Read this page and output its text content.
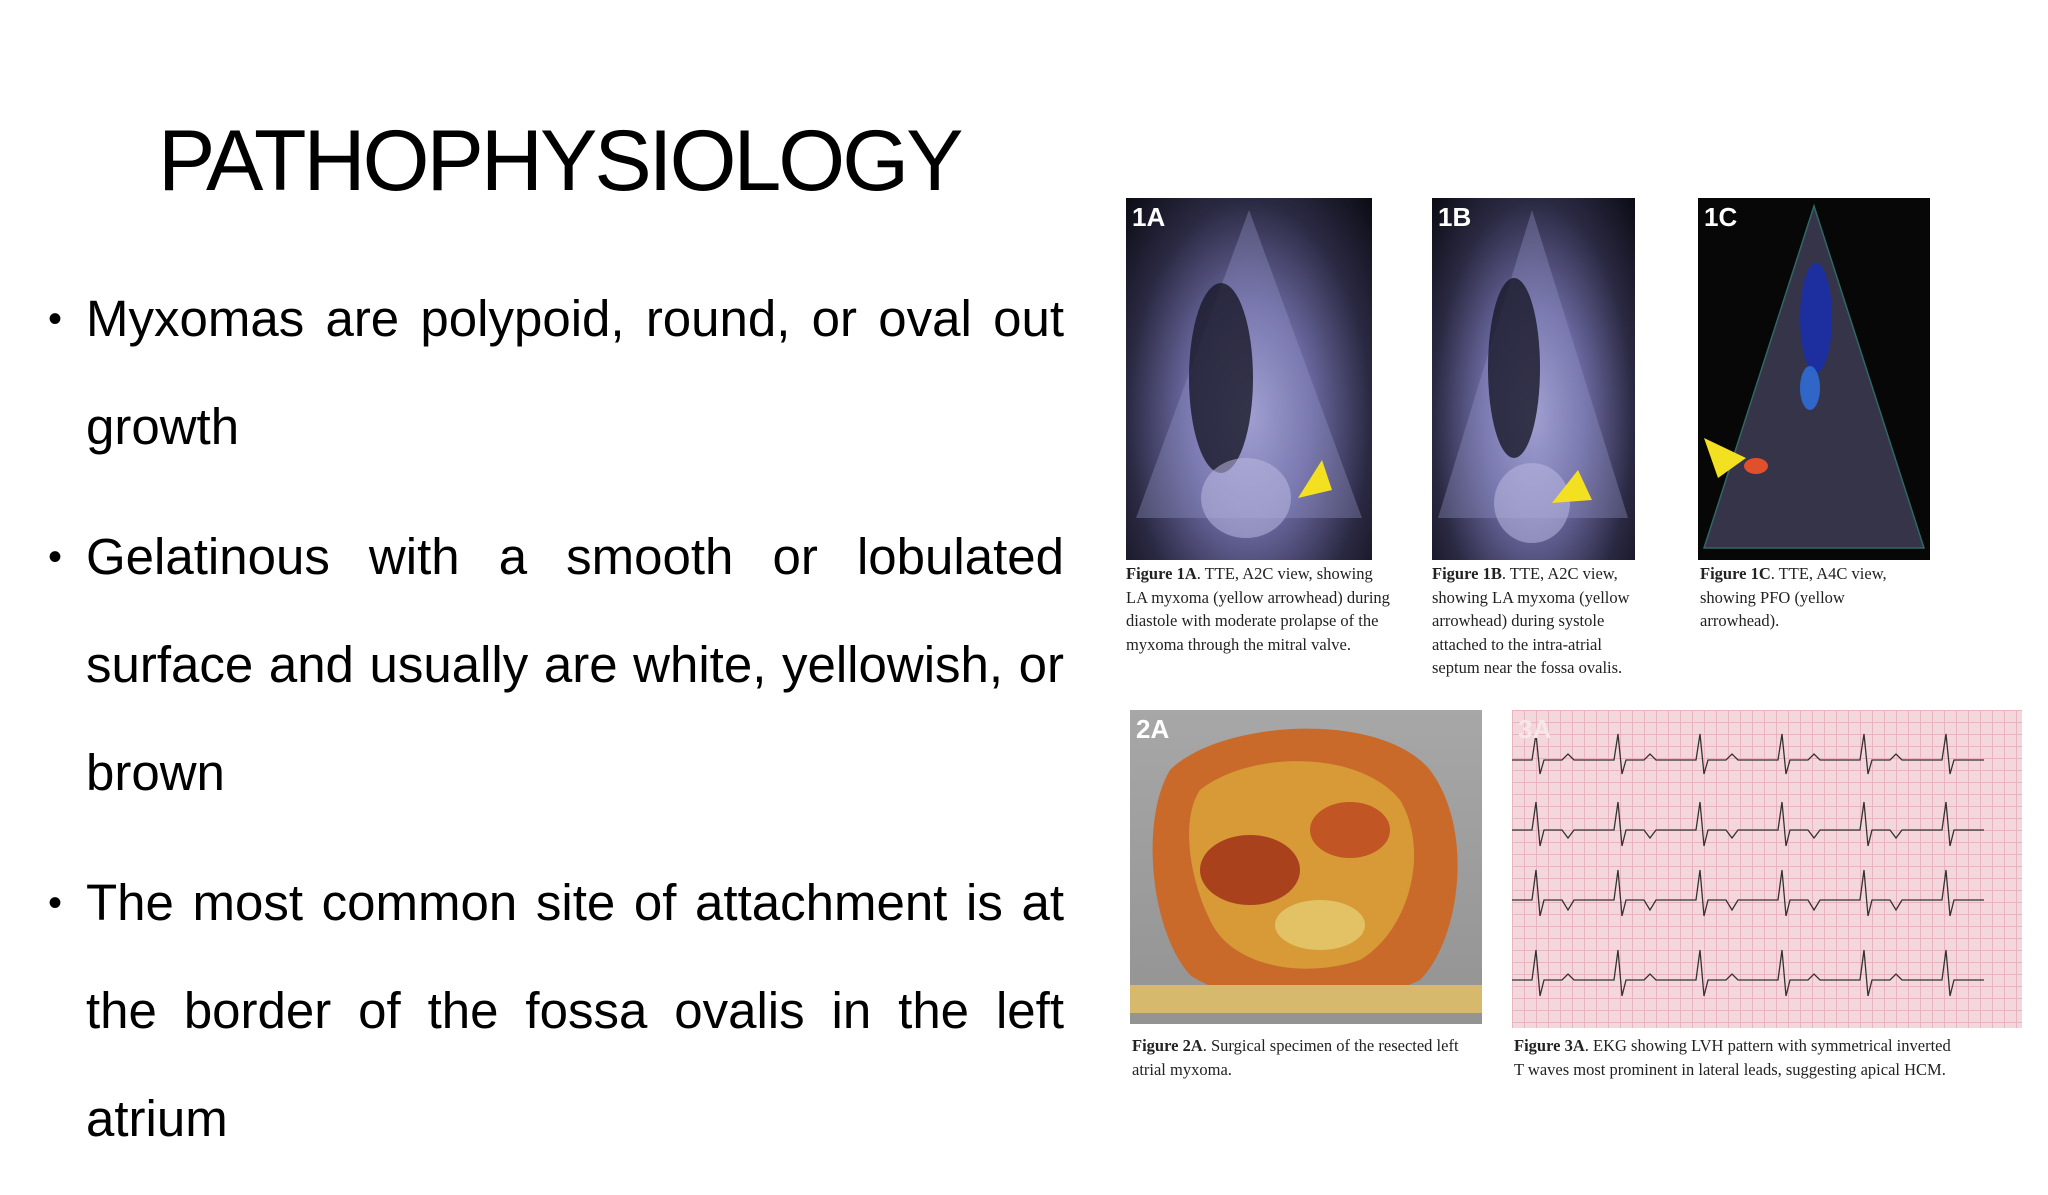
PATHOPHYSIOLOGY
• Myxomas are polypoid, round, or oval out growth
• Gelatinous with a smooth or lobulated surface and usually are white, yellowish, or brown
• The most common site of attachment is at the border of the fossa ovalis in the left atrium
1A
Figure 1A. TTE, A2C view, showing LA myxoma (yellow arrowhead) during diastole with moderate prolapse of the myxoma through the mitral valve.
1B
Figure 1B. TTE, A2C view, showing LA myxoma (yellow arrowhead) during systole attached to the intra-atrial septum near the fossa ovalis.
1C
Figure 1C. TTE, A4C view, showing PFO (yellow arrowhead).
2A
Figure 2A. Surgical specimen of the resected left atrial myxoma.
3A
Figure 3A. EKG showing LVH pattern with symmetrical inverted T waves most prominent in lateral leads, suggesting apical HCM.
